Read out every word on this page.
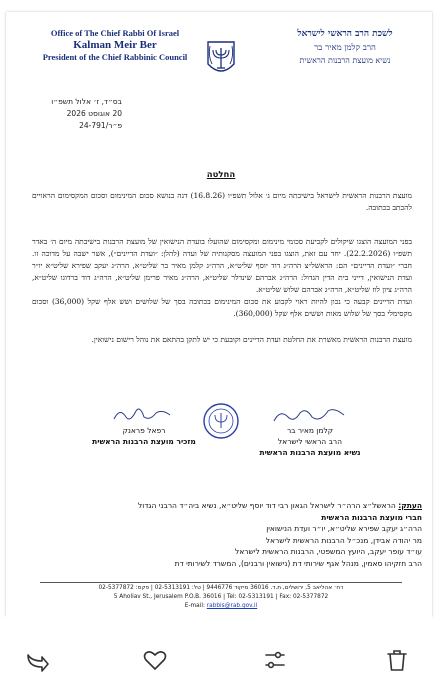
Office of The Chief Rabbi Of Israel
Kalman Meir Ber
President of the Chief Rabbinic Council
לשכת הרב הראשי לישראל
הרב קלמן מאיר בר
נשיא מועצת הרבנות הראשית
בס״ד, ז׳ אלול תשפ״ו
20 אוגוסט 2026
פ״ר/24-791
החלטה
מועצת הרבנות הראשית לישראל בישיבתה מיום ג׳ אלול תשפ״ו (16.8.26) דנה בנושא סכום המינימום וסכום המקסימום הראויים להכתב בכתובה.
בפני המועצה הוצגו שיקולים לקביעת סכומי מינימום ומקסימום שהועלו בועדת הנישואין של מועצת הרבנות בישיבתה מיום ה׳ באדר תשפ״ו (22.2.2026). יחד עם זאת, הוצגו בפני המועצה מסקנותיה של ועדה (להלן: ״ועדת הדיינים״), אשר ישבה על מדוכה זו. חברי ״ועדת הדיינים״ הם: הראשל״צ הרה״ג דוד יוסף שליט״א, הרה״ג קלמן מאיר בר שליט״א, הרה״ג יעקב שפירא שליט״א יו״ר ועדת הנישואין, דייני בית הדין הגדול: הרה״ג אברהם שינדלר שליט״א, הרה״ג מאיר פרימן שליט״א, הרה״ג דוד ברדוגו שליט״א, הרה״ג ציון לוז שליט״א, הרה״ג אברהם שלוש שליט״א.
ועדת הדיינים קבעה כי נכון להיות ראוי לקבוע את סכום המינימום בכתובה בסך של שלושים ושש אלף שקל (36,000) וסכום מקסימלי בסך של שלוש מאות וששים אלף שקל (360,000).
מועצת הרבנות הראשית מאשרת את החלטת ועדת הדיינים וקובעת כי יש לתקן בהתאם את נוהל רישום נישואין.
רפאל פראנק
מזכיר מועצת הרבנות הראשית
קלמן מאיר בר
הרב הראשי לישראל
נשיא מועצת הרבנות הראשית
העתק: הראשל״צ הרה״ר לישראל הגאון רבי דוד יוסף שליט״א, נשיא ביה״ד הרבני הגדול
חברי מועצת הרבנות הראשית
הרה״ג יעקב שפירא שליט״א, יו״ר ועדת הנישואין
מר יהודה אבידן, מנכ״ל הרבנות הראשית לישראל
עו״ד עופר יעקב, היועץ המשפטי, הרבנות הראשית לישראל
הרב חזקיהו סאמין, מנהל אגף שירותי דת (נישואין ורבנים), המשרד לשירותי דת
רח׳ אהליאב 5, ירושלים, ת.ד. 36016 מיקוד 9446776 | טל: 02-5313191 | פקס: 02-5377872
5 Aholiav St., Jerusalem P.O.B. 36016 | Tel: 02-5313191 | Fax: 02-5377872
E-mail: rabbis@rab.gov.il
